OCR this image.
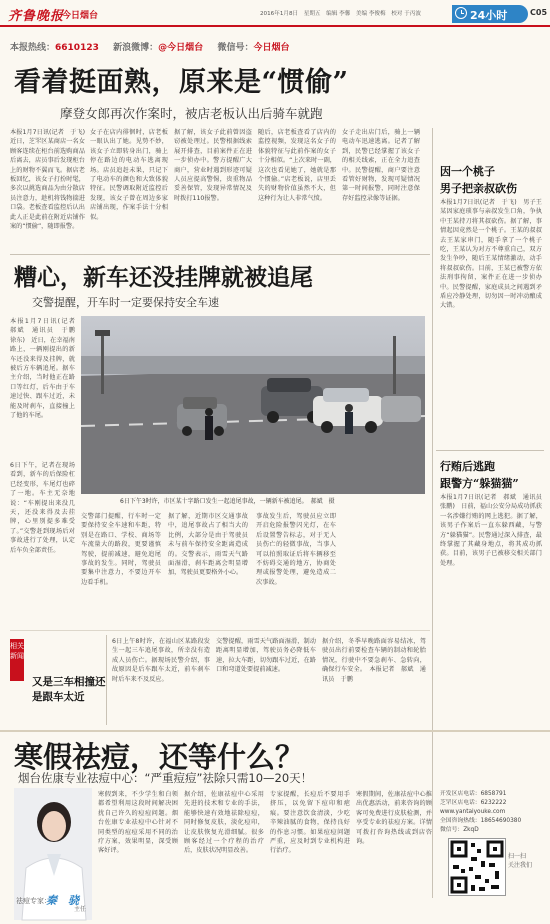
齐鲁晚报
今日烟台	2016年1月8日　星期五　编辑 李馨　美编 李俊梅　校对 于丙波	24小时	C05
本报热线：6610123 新浪微博：@今日烟台 微信号：今日烟台
看着挺面熟，原来是“惯偷”
摩登女郎再次作案时，被店老板认出后骑车就跑
本报1月7日讯(记者　于飞)　近日，芝罘区某商店一名女顾客连续在柜台前选购商品后离去，店员事后发现柜台上的财物不翼而飞。据店老板回忆，该女子打扮时髦，多次以挑选商品为由分散店员注意力，趁机将钱物揣进口袋。老板查看监控后认出此人正是此前在附近店铺作案的“惯偷”，随即报警。
女子在店内徘徊时，店老板一眼认出了她。见势不妙，该女子立即转身出门，骑上停在路边的电动车逃离现场。店员追赶未果，只记下了电动车的颜色和大致体貌特征。民警调取附近监控后发现，该女子曾在周边多家店铺出现，作案手法十分相似。
据了解，该女子此前曾因盗窃被处理过。民警根据线索展开排查，目前案件正在进一步侦办中。警方提醒广大商户，营业时遇到形迹可疑人员应提高警惕，贵重物品妥善保管，发现异常情况及时拨打110报警。
随后，店老板查看了店内的监控视频，发现这名女子的体貌特征与此前作案的女子十分相似。“上次来时一副，这次也看见她了，她就是那个惯偷。”店老板说，店里丢失的财物价值虽然不大，但这种行为让人非常气愤。
女子走出店门后，骑上一辆电动车迅速逃离。记者了解到，民警已经掌握了该女子的相关线索，正在全力追查中。民警提醒，商户要注意看管好财物，发现可疑情况第一时间报警，同时注意保存好监控录像等证据。
因一个桃子
男子把亲叔砍伤
本报1月7日讯(记者　于飞)　男子王某因家庭琐事与亲叔发生口角，争执中王某持刀将其叔砍伤。据了解，事情起因竟然是一个桃子。王某的叔叔去王某家串门，随手拿了一个桃子吃，王某认为对方不尊重自己，双方发生争吵，随后王某情绪激动，动手将叔叔砍伤。目前，王某已被警方依法刑事拘留，案件正在进一步侦办中。民警提醒，家庭成员之间遇到矛盾应冷静处理，切勿因一时冲动酿成大错。
糟心，新车还没挂牌就被追尾
交警提醒，开车时一定要保持安全车速
本报1月7日讯(记者　郝斌　通讯员　于鹏　徐东)　近日，在幸福南路上，一辆刚提出的新车还没来得及挂牌，就被后方车辆追尾。据车主介绍，当时他正在路口等红灯，后车由于车速过快、跟车过近，未能及时刹车，直接撞上了他的车尾。
6日下午，记者在现场看到，新车的后保险杠已经变形，车尾灯也碎了一地。车主无奈地说：“车刚提出来没几天，还没来得及去挂牌，心里别提多难受了。”交警赶到现场后对事故进行了处理，认定后车负全部责任。
6日下午3时许，市区某十字路口发生一起追尾事故，一辆新车被追尾。　郝斌　摄
交警部门提醒，行车时一定要保持安全车速和车距，特别是在路口、学校、商场等车流量大的路段，更要谨慎驾驶，提前减速，避免追尾事故的发生。同时，驾驶员要集中注意力，不要边开车边看手机。
据了解，近期市区交通事故中，追尾事故占了相当大的比例，大部分是由于驾驶员未与前车保持安全距离造成的。交警表示，雨雪天气路面湿滑，刹车距离会明显增加，驾驶员更要格外小心。
事故发生后，驾驶员应立即开启危险报警闪光灯，在车后设置警告标志，对于无人员伤亡的轻微事故，当事人可以拍照取证后将车辆移至不妨碍交通的地方，协商处理或报警处理，避免造成二次事故。
行贿后逃跑
跟警方“躲猫猫”
本报1月7日讯(记者　郝斌　通讯员　张鹏)　日前，福山公安分局成功抓获一名涉嫌行贿的网上逃犯。据了解，该男子作案后一直东躲西藏，与警方“躲猫猫”。民警通过深入排查，最终掌握了其藏身地点，将其成功抓获。目前，该男子已被移交相关部门处理。
相关新闻
又是三车相撞还是跟车太近
6日上午8时许，在福山区某路段发生一起三车追尾事故，所幸没有造成人员伤亡。据现场民警介绍，事故原因是后车跟车太近，前车刹车时后车来不及反应。
交警提醒，雨雪天气路面湿滑，制动距离明显增加，驾驶员务必降低车速，拉大车距，切勿跟车过近，在路口和弯道处要提前减速。
据介绍，冬季早晚路面容易结冰，驾驶员出行前要检查车辆的制动和轮胎情况，行驶中不要急刹车、急转向，确保行车安全。　本报记者　郝斌　通讯员　于鹏
寒假祛痘，还等什么？
烟台佐康专业祛痘中心：“严重痘痘”祛除只需10—20天！
祛痘专家：
秦　骁
主任
寒假到来，不少学生和白领都希望利用这段时间解决困扰自己许久的痘痘问题。烟台佐康专业祛痘中心针对不同类型的痘痘采用不同的治疗方案，效果明显，深受顾客好评。
据介绍，佐康祛痘中心采用先进的技术和专业的手法，能够快速有效地祛除痘痘，同时修复皮肤，淡化痘印，让皮肤恢复光滑细腻。很多顾客经过一个疗程的治疗后，皮肤状况明显改善。
专家提醒，长痘后不要用手挤压，以免留下痘印和疤痕。要注意饮食清淡，少吃辛辣油腻的食物，保持良好的作息习惯。如果痘痘问题严重，应及时到专业机构进行治疗。
寒假期间，佐康祛痘中心推出优惠活动，前来咨询的顾客可免费进行皮肤检测，并享受专业的祛痘方案。详情可拨打咨询热线或到店咨询。
开发区店电话：6858791
芝罘区店电话：6232222
www.yantaiyouke.com
全国咨询热线：18654690380
微信号：ZkqD
扫一扫
关注我们
